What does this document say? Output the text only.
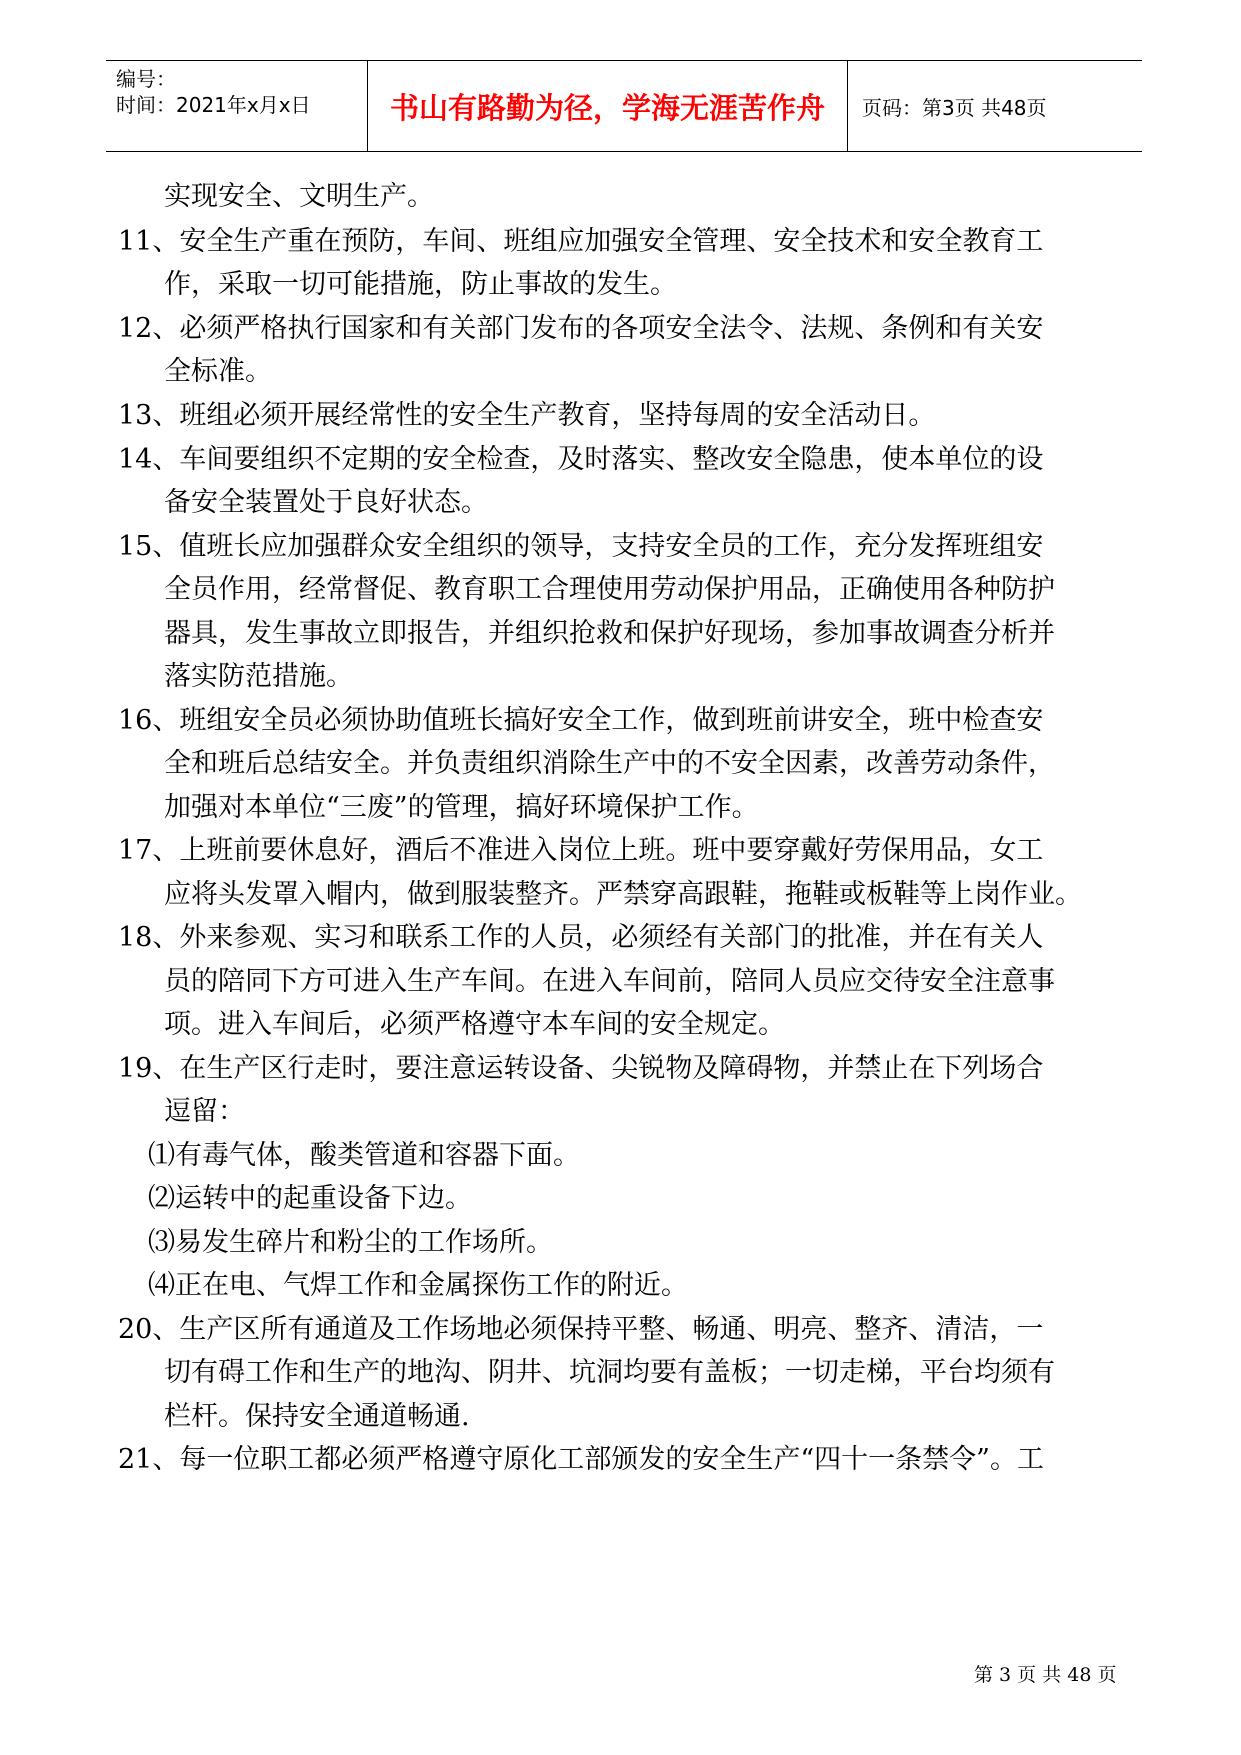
编号：
时间：2021年x月x日	书山有路勤为径，学海无涯苦作舟 页码：第3页 共48页
实现安全、文明生产。
11、安全生产重在预防，车间、班组应加强安全管理、安全技术和安全教育工
作，采取一切可能措施，防止事故的发生。
12、必须严格执行国家和有关部门发布的各项安全法令、法规、条例和有关安
全标准。
13、班组必须开展经常性的安全生产教育，坚持每周的安全活动日。
14、车间要组织不定期的安全检查，及时落实、整改安全隐患，使本单位的设
备安全装置处于良好状态。
15、值班长应加强群众安全组织的领导，支持安全员的工作，充分发挥班组安
全员作用，经常督促、教育职工合理使用劳动保护用品，正确使用各种防护
器具，发生事故立即报告，并组织抢救和保护好现场，参加事故调查分析并
落实防范措施。
16、班组安全员必须协助值班长搞好安全工作，做到班前讲安全，班中检查安
全和班后总结安全。并负责组织消除生产中的不安全因素，改善劳动条件，
加强对本单位“三废”的管理，搞好环境保护工作。
17、上班前要休息好，酒后不准进入岗位上班。班中要穿戴好劳保用品，女工
应将头发罩入帽内，做到服装整齐。严禁穿高跟鞋，拖鞋或板鞋等上岗作业。
18、外来参观、实习和联系工作的人员，必须经有关部门的批准，并在有关人
员的陪同下方可进入生产车间。在进入车间前，陪同人员应交待安全注意事
项。进入车间后，必须严格遵守本车间的安全规定。
19、在生产区行走时，要注意运转设备、尖锐物及障碍物，并禁止在下列场合
逗留：
⑴有毒气体，酸类管道和容器下面。
⑵运转中的起重设备下边。
⑶易发生碎片和粉尘的工作场所。
⑷正在电、气焊工作和金属探伤工作的附近。
20、生产区所有通道及工作场地必须保持平整、畅通、明亮、整齐、清洁，一
切有碍工作和生产的地沟、阴井、坑洞均要有盖板；一切走梯，平台均须有
栏杆。保持安全通道畅通.
21、每一位职工都必须严格遵守原化工部颁发的安全生产“四十一条禁令”。工
第 3 页 共 48 页
